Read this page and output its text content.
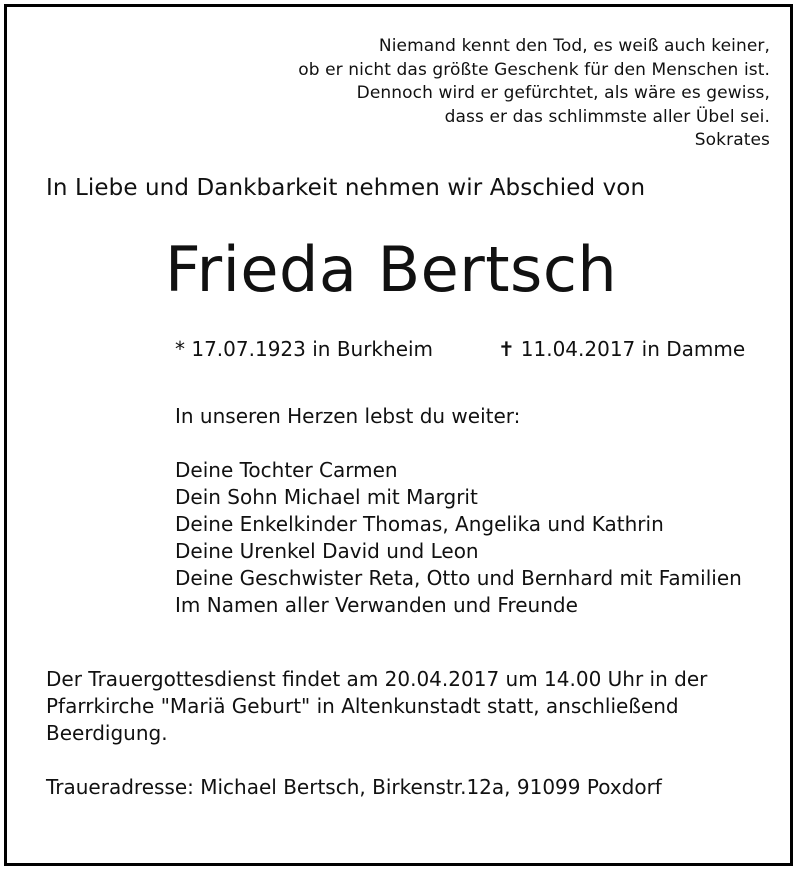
Niemand kennt den Tod, es weiß auch keiner,
ob er nicht das größte Geschenk für den Menschen ist.
Dennoch wird er gefürchtet, als wäre es gewiss,
dass er das schlimmste aller Übel sei.
Sokrates
In Liebe und Dankbarkeit nehmen wir Abschied von
Frieda Bertsch
* 17.07.1923 in Burkheim	✝ 11.04.2017 in Damme
In unseren Herzen lebst du weiter:
Deine Tochter Carmen
Dein Sohn Michael mit Margrit
Deine Enkelkinder Thomas, Angelika und Kathrin
Deine Urenkel David und Leon
Deine Geschwister Reta, Otto und Bernhard mit Familien
Im Namen aller Verwanden und Freunde
Der Trauergottesdienst findet am 20.04.2017 um 14.00 Uhr in der Pfarrkirche "Mariä Geburt" in Altenkunstadt statt, anschließend Beerdigung.
Traueradresse: Michael Bertsch, Birkenstr.12a, 91099 Poxdorf
